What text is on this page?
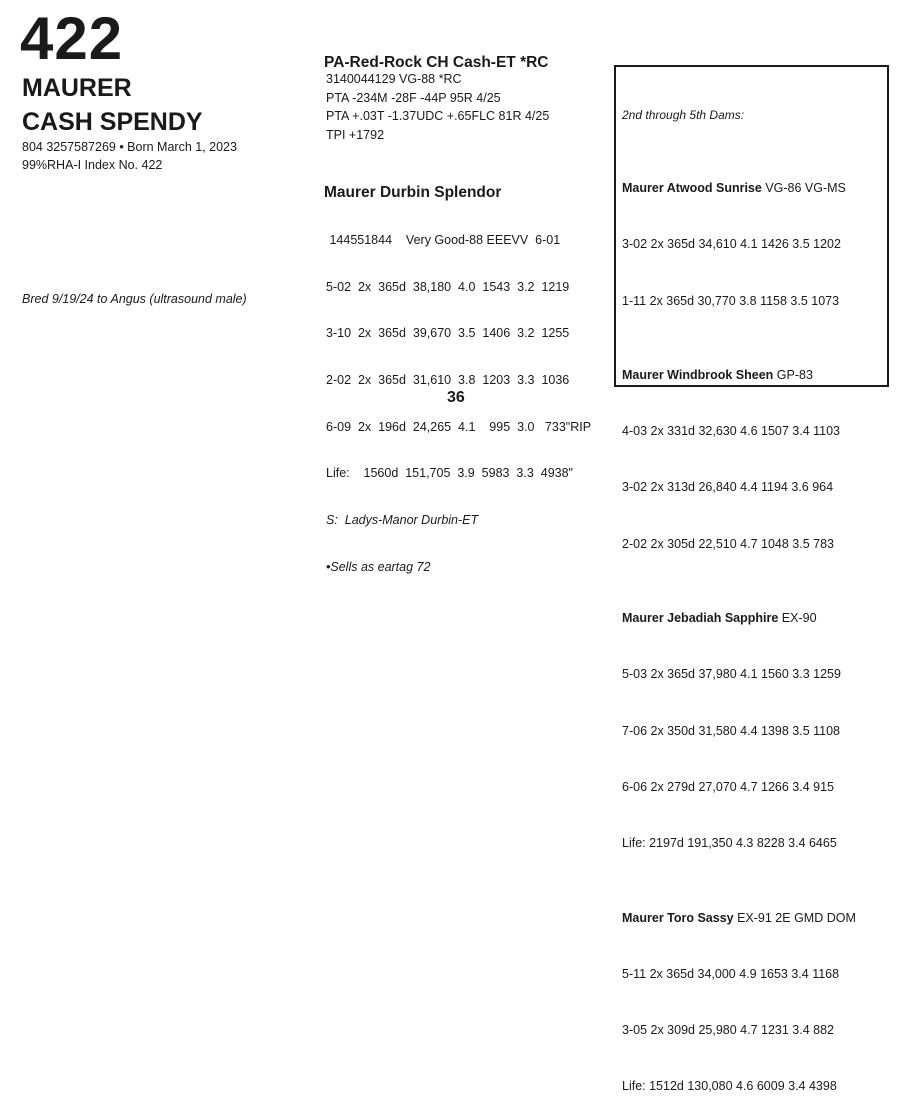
422
MAURER
CASH SPENDY
804 3257587269 • Born March 1, 2023
99%RHA-I Index No. 422
Bred 9/19/24 to Angus (ultrasound male)
PA-Red-Rock CH Cash-ET *RC
3140044129 VG-88 *RC
PTA -234M -28F -44P 95R 4/25
PTA +.03T -1.37UDC +.65FLC 81R 4/25
TPI +1792
Maurer Durbin Splendor

144551844    Very Good-88 EEEVV  6-01

5-02  2x  365d  38,180  4.0  1543  3.2  1219

3-10  2x  365d  39,670  3.5  1406  3.2  1255

2-02  2x  365d  31,610  3.8  1203  3.3  1036

6-09  2x  196d  24,265  4.1    995  3.0   733"RIP

Life:    1560d  151,705  3.9  5983  3.3  4938"

S:  Ladys-Manor Durbin-ET

•Sells as eartag 72

2nd through 5th Dams:

Maurer Atwood Sunrise VG-86 VG-MS

3-02 2x 365d 34,610 4.1 1426 3.5 1202

1-11 2x 365d 30,770 3.8 1158 3.5 1073

Maurer Windbrook Sheen GP-83

4-03 2x 331d 32,630 4.6 1507 3.4 1103

3-02 2x 313d 26,840 4.4 1194 3.6 964

2-02 2x 305d 22,510 4.7 1048 3.5 783

Maurer Jebadiah Sapphire EX-90

5-03 2x 365d 37,980 4.1 1560 3.3 1259

7-06 2x 350d 31,580 4.4 1398 3.5 1108

6-06 2x 279d 27,070 4.7 1266 3.4 915

Life: 2197d 191,350 4.3 8228 3.4 6465

Maurer Toro Sassy EX-91 2E GMD DOM

5-11 2x 365d 34,000 4.9 1653 3.4 1168

3-05 2x 309d 25,980 4.7 1231 3.4 882

Life: 1512d 130,080 4.6 6009 3.4 4398

36
